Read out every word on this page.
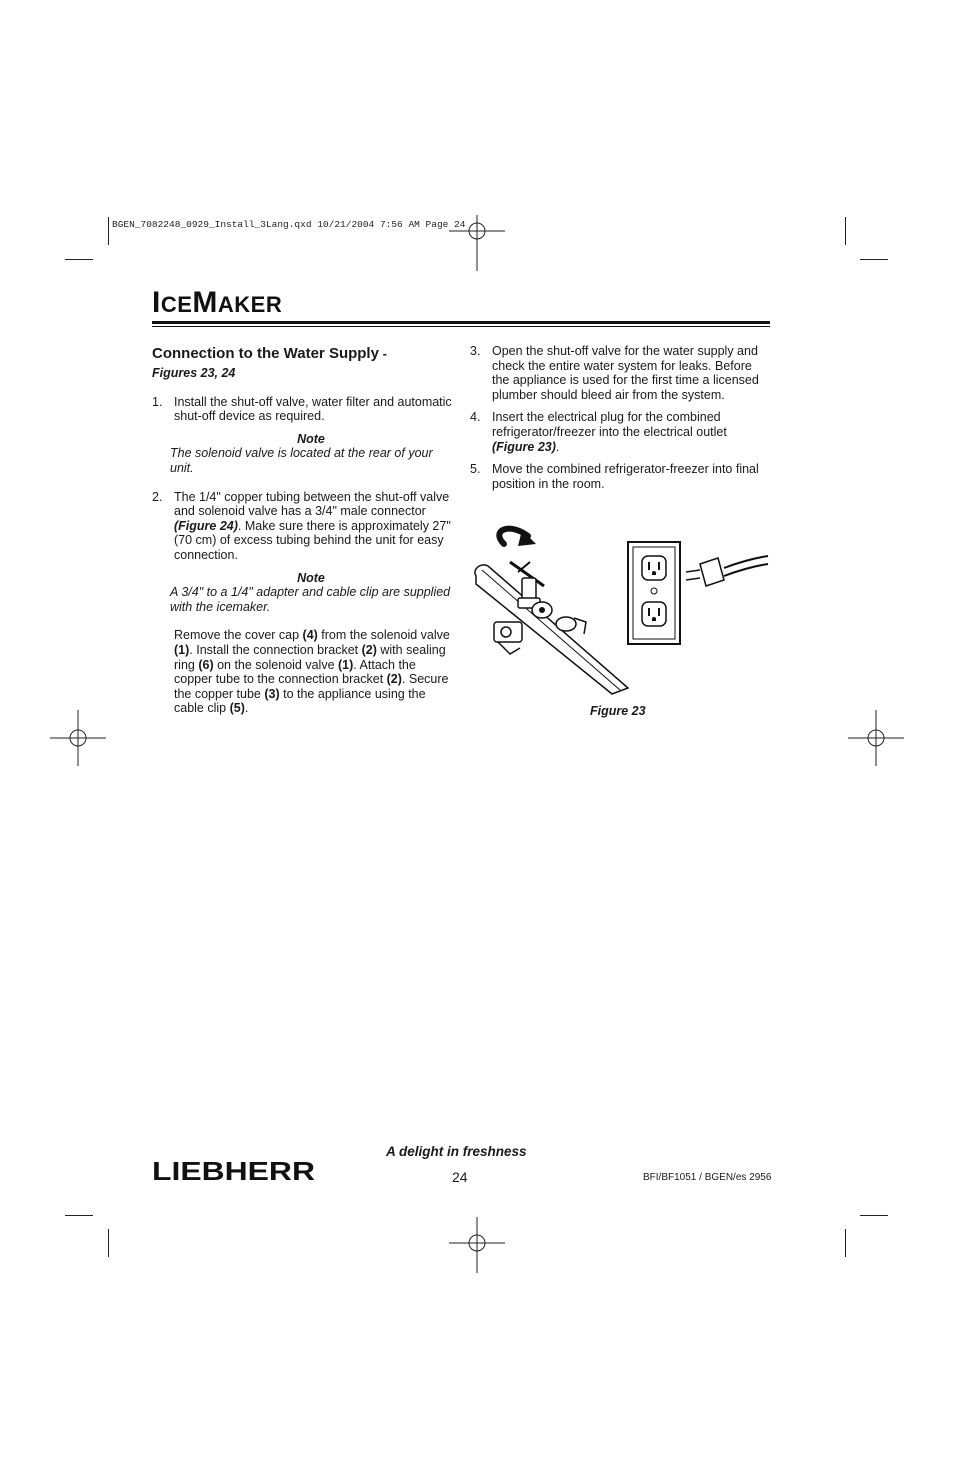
BGEN_7082248_0929_Install_3Lang.qxd 10/21/2004 7:56 AM Page 24
ICEMAKER
Connection to the Water Supply -
Figures 23, 24
1. Install the shut-off valve, water filter and automatic shut-off device as required.
Note
The solenoid valve is located at the rear of your unit.
2. The 1/4" copper tubing between the shut-off valve and solenoid valve has a 3/4" male connector (Figure 24). Make sure there is approximately 27" (70 cm) of excess tubing behind the unit for easy connection.
Note
A 3/4" to a 1/4" adapter and cable clip are supplied with the icemaker.
Remove the cover cap (4) from the solenoid valve (1). Install the connection bracket (2) with sealing ring (6) on the solenoid valve (1). Attach the copper tube to the connection bracket (2). Secure the copper tube (3) to the appliance using the cable clip (5).
3. Open the shut-off valve for the water supply and check the entire water system for leaks. Before the appliance is used for the first time a licensed plumber should bleed air from the system.
4. Insert the electrical plug for the combined refrigerator/freezer into the electrical outlet (Figure 23).
5. Move the combined refrigerator-freezer into final position in the room.
Figure 23
LIEBHERR
A delight in freshness
24	BFI/BF1051 / BGEN/es 2956
